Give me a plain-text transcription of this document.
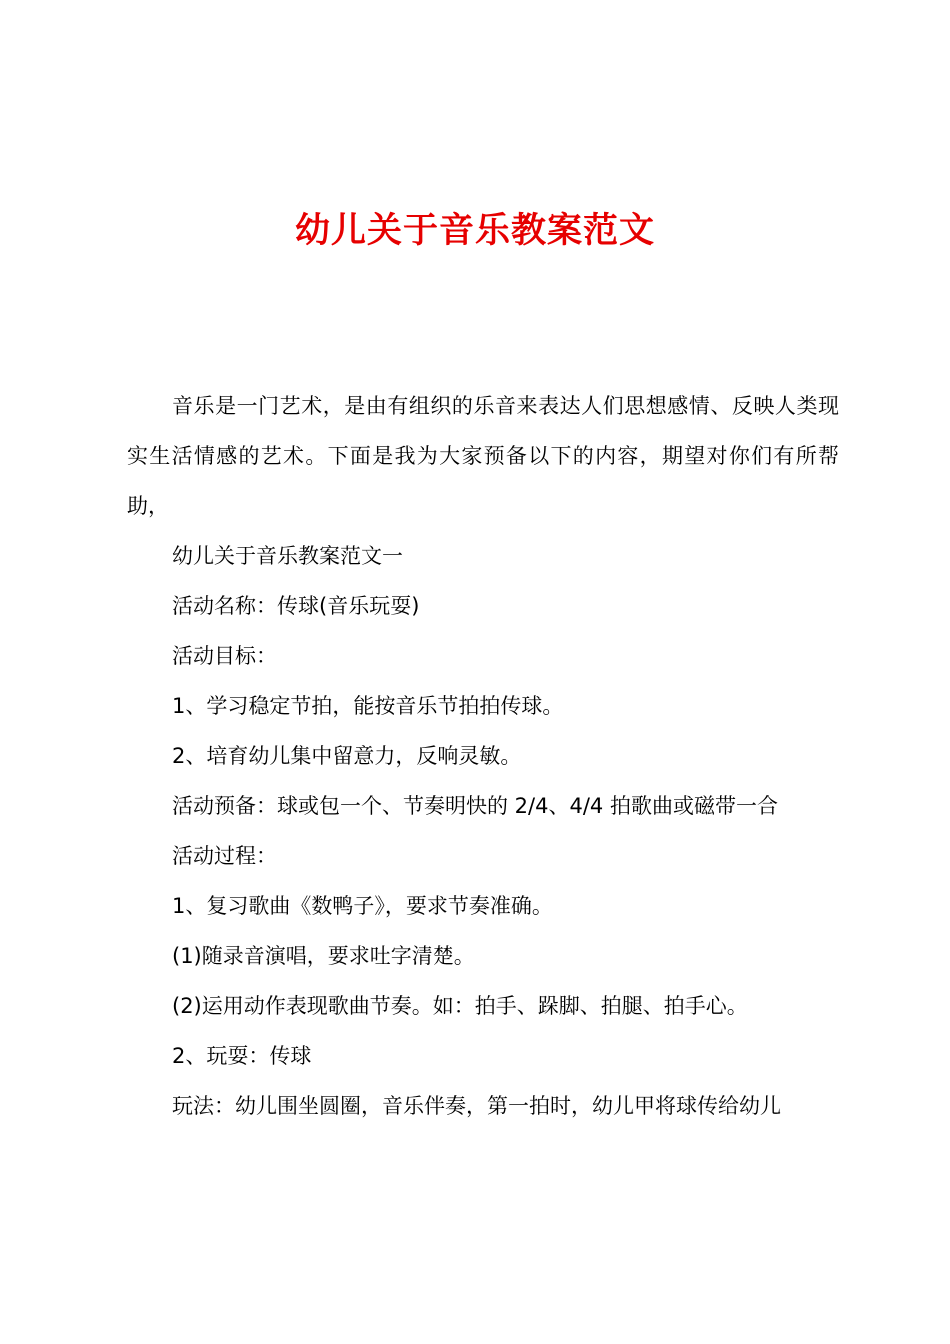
幼儿关于音乐教案范文

音乐是一门艺术，是由有组织的乐音来表达人们思想感情、反映人类现实生活情感的艺术。下面是我为大家预备以下的内容，期望对你们有所帮助，

幼儿关于音乐教案范文一

活动名称：传球(音乐玩耍)

活动目标：

1、学习稳定节拍，能按音乐节拍拍传球。

2、培育幼儿集中留意力，反响灵敏。

活动预备：球或包一个、节奏明快的 2/4、4/4 拍歌曲或磁带一合

活动过程：

1、复习歌曲《数鸭子》，要求节奏准确。

(1)随录音演唱，要求吐字清楚。

(2)运用动作表现歌曲节奏。如：拍手、跺脚、拍腿、拍手心。

2、玩耍：传球

玩法：幼儿围坐圆圈，音乐伴奏，第一拍时，幼儿甲将球传给幼儿
